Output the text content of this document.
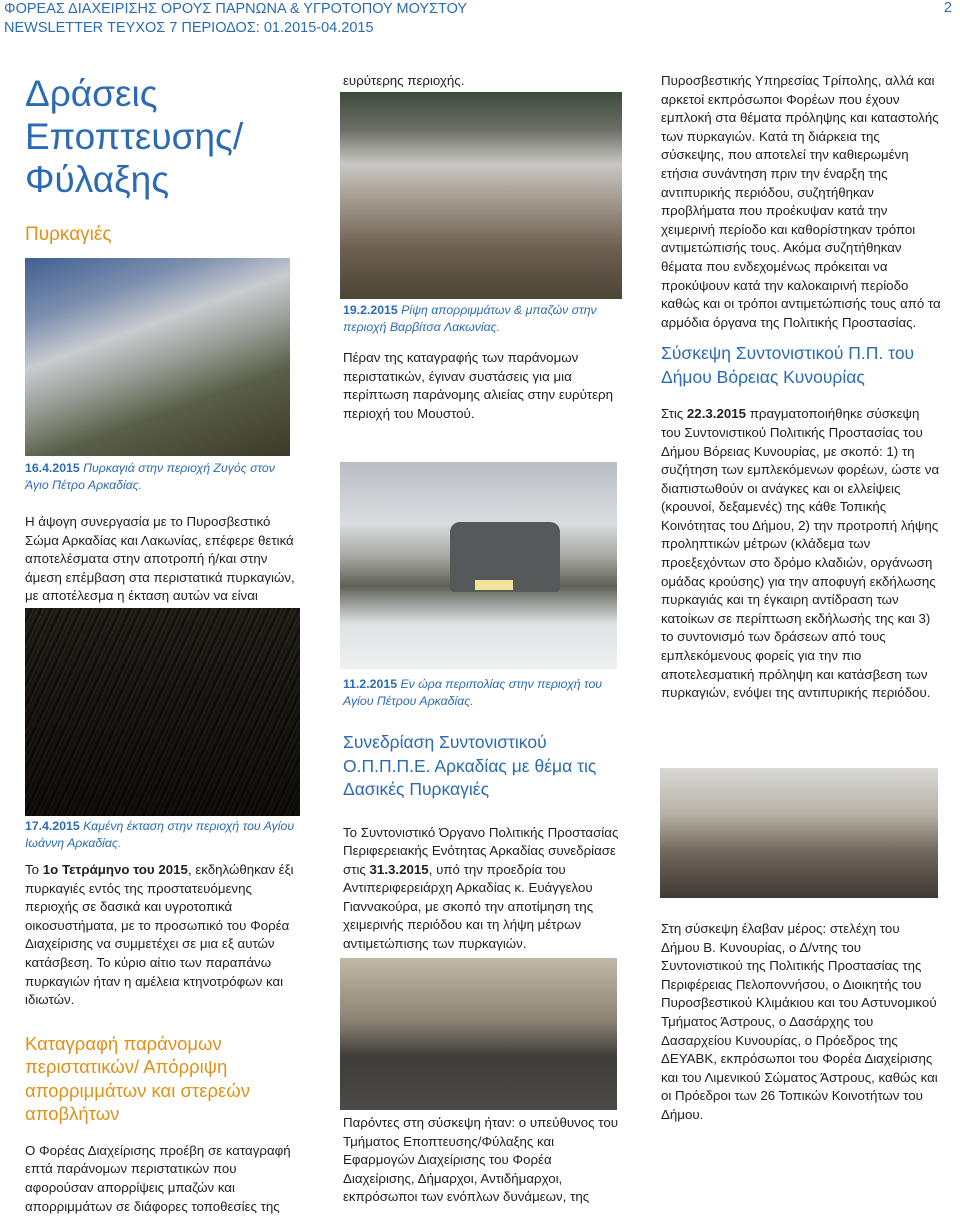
ΦΟΡΕΑΣ ΔΙΑΧΕΙΡΙΣΗΣ ΟΡΟΥΣ ΠΑΡΝΩΝΑ & ΥΓΡΟΤΟΠΟΥ ΜΟΥΣΤΟΥ
NEWSLETTER ΤΕΥΧΟΣ 7 ΠΕΡΙΟΔΟΣ: 01.2015-04.2015
2
Δράσεις
Εποπτευσης/
Φύλαξης
Πυρκαγιές

16.4.2015 Πυρκαγιά στην περιοχή Ζυγός στον Άγιο Πέτρο Αρκαδίας.

Η άψογη συνεργασία με το Πυροσβεστικό Σώμα Αρκαδίας και Λακωνίας, επέφερε θετικά αποτελέσματα στην αποτροπή ή/και στην άμεση επέμβαση στα περιστατικά πυρκαγιών, με αποτέλεσμα η έκταση αυτών να είναι

17.4.2015 Καμένη έκταση στην περιοχή του Αγίου Ιωάννη Αρκαδίας.

Το 1ο Τετράμηνο του 2015, εκδηλώθηκαν έξι πυρκαγιές εντός της προστατευόμενης περιοχής σε δασικά και υγροτοπικά οικοσυστήματα, με το προσωπικό του Φορέα Διαχείρισης να συμμετέχει σε μια εξ αυτών κατάσβεση. Το κύριο αίτιο των παραπάνω πυρκαγιών ήταν η αμέλεια κτηνοτρόφων και ιδιωτών.

Καταγραφή παράνομων περιστατικών/ Απόρριψη απορριμμάτων και στερεών αποβλήτων

Ο Φορέας Διαχείρισης προέβη σε καταγραφή επτά παράνομων περιστατικών που αφορούσαν απορρίψεις μπαζών και απορριμμάτων σε διάφορες τοποθεσίες της

ευρύτερης περιοχής.

19.2.2015 Ρίψη απορριμμάτων & μπαζών στην περιοχή Βαρβίτσα Λακωνίας.

Πέραν της καταγραφής των παράνομων περιστατικών, έγιναν συστάσεις για μια περίπτωση παράνομης αλιείας στην ευρύτερη περιοχή του Μουστού.

11.2.2015 Εν ώρα περιπολίας στην περιοχή του Αγίου Πέτρου Αρκαδίας.

Συνεδρίαση Συντονιστικού Ο.Π.Π.Π.Ε. Αρκαδίας με θέμα τις Δασικές Πυρκαγιές

Το Συντονιστικό Όργανο Πολιτικής Προστασίας Περιφερειακής Ενότητας Αρκαδίας συνεδρίασε στις 31.3.2015, υπό την προεδρία του Αντιπεριφερειάρχη Αρκαδίας κ. Ευάγγελου Γιαννακούρα, με σκοπό την αποτίμηση της χειμερινής περιόδου και τη λήψη μέτρων αντιμετώπισης των πυρκαγιών.

Παρόντες στη σύσκεψη ήταν: ο υπεύθυνος του Τμήματος Εποπτευσης/Φύλαξης και Εφαρμογών Διαχείρισης του Φορέα Διαχείρισης, Δήμαρχοι, Αντιδήμαρχοι, εκπρόσωποι των ενόπλων δυνάμεων, της

Πυροσβεστικής Υπηρεσίας Τρίπολης, αλλά και αρκετοί εκπρόσωποι Φορέων που έχουν εμπλοκή στα θέματα πρόληψης και καταστολής των πυρκαγιών. Κατά τη διάρκεια της σύσκεψης, που αποτελεί την καθιερωμένη ετήσια συνάντηση πριν την έναρξη της αντιπυρικής περιόδου, συζητήθηκαν προβλήματα που προέκυψαν κατά την χειμερινή περίοδο και καθορίστηκαν τρόποι αντιμετώπισής τους. Ακόμα συζητήθηκαν θέματα που ενδεχομένως πρόκειται να προκύψουν κατά την καλοκαιρινή περίοδο καθώς και οι τρόποι αντιμετώπισής τους από τα αρμόδια όργανα της Πολιτικής Προστασίας.

Σύσκεψη Συντονιστικού Π.Π. του Δήμου Βόρειας Κυνουρίας

Στις 22.3.2015 πραγματοποιήθηκε σύσκεψη του Συντονιστικού Πολιτικής Προστασίας του Δήμου Βόρειας Κυνουρίας, με σκοπό: 1) τη συζήτηση των εμπλεκόμενων φορέων, ώστε να διαπιστωθούν οι ανάγκες και οι ελλείψεις (κρουνοί, δεξαμενές) της κάθε Τοπικής Κοινότητας του Δήμου, 2) την προτροπή λήψης προληπτικών μέτρων (κλάδεμα των προεξεχόντων στο δρόμο κλαδιών, οργάνωση ομάδας κρούσης) για την αποφυγή εκδήλωσης πυρκαγιάς και τη έγκαιρη αντίδραση των κατοίκων σε περίπτωση εκδήλωσής της και 3) το συντονισμό των δράσεων από τους εμπλεκόμενους φορείς για την πιο αποτελεσματική πρόληψη και κατάσβεση των πυρκαγιών, ενόψει της αντιπυρικής περιόδου.

Στη σύσκεψη έλαβαν μέρος: στελέχη του Δήμου Β. Κυνουρίας, ο Δ/ντης του Συντονιστικού της Πολιτικής Προστασίας της Περιφέρειας Πελοποννήσου, ο Διοικητής του Πυροσβεστικού Κλιμάκιου και του Αστυνομικού Τμήματος Άστρους, ο Δασάρχης του Δασαρχείου Κυνουρίας, ο Πρόεδρος της ΔΕΥΑΒΚ, εκπρόσωποι του Φορέα Διαχείρισης και του Λιμενικού Σώματος Άστρους, καθώς και οι Πρόεδροι των 26 Τοπικών Κοινοτήτων του Δήμου.
